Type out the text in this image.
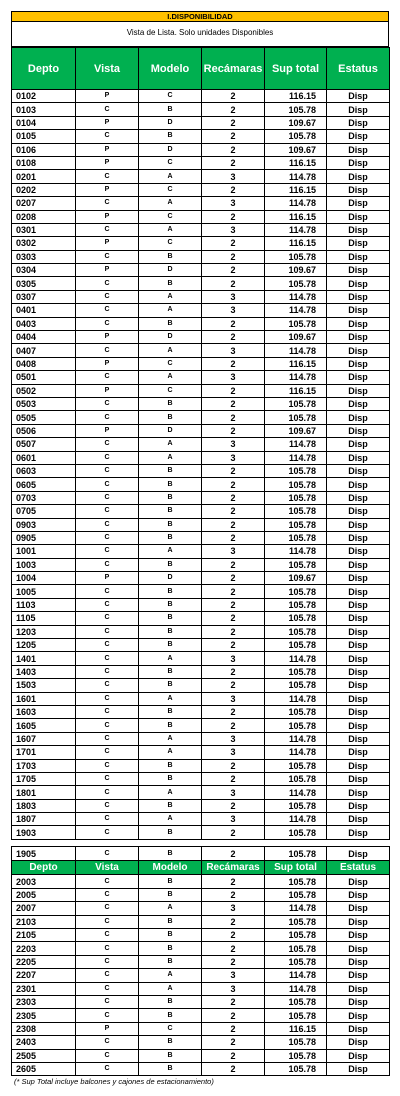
I.DISPONIBILIDAD
Vista de Lista. Solo unidades Disponibles
Depto	Vista	Modelo	Recámaras	Sup total	Estatus
0102	P	C	2	116.15	Disp
0103	C	B	2	105.78	Disp
0104	P	D	2	109.67	Disp
0105	C	B	2	105.78	Disp
0106	P	D	2	109.67	Disp
0108	P	C	2	116.15	Disp
0201	C	A	3	114.78	Disp
0202	P	C	2	116.15	Disp
0207	C	A	3	114.78	Disp
0208	P	C	2	116.15	Disp
0301	C	A	3	114.78	Disp
0302	P	C	2	116.15	Disp
0303	C	B	2	105.78	Disp
0304	P	D	2	109.67	Disp
0305	C	B	2	105.78	Disp
0307	C	A	3	114.78	Disp
0401	C	A	3	114.78	Disp
0403	C	B	2	105.78	Disp
0404	P	D	2	109.67	Disp
0407	C	A	3	114.78	Disp
0408	P	C	2	116.15	Disp
0501	C	A	3	114.78	Disp
0502	P	C	2	116.15	Disp
0503	C	B	2	105.78	Disp
0505	C	B	2	105.78	Disp
0506	P	D	2	109.67	Disp
0507	C	A	3	114.78	Disp
0601	C	A	3	114.78	Disp
0603	C	B	2	105.78	Disp
0605	C	B	2	105.78	Disp
0703	C	B	2	105.78	Disp
0705	C	B	2	105.78	Disp
0903	C	B	2	105.78	Disp
0905	C	B	2	105.78	Disp
1001	C	A	3	114.78	Disp
1003	C	B	2	105.78	Disp
1004	P	D	2	109.67	Disp
1005	C	B	2	105.78	Disp
1103	C	B	2	105.78	Disp
1105	C	B	2	105.78	Disp
1203	C	B	2	105.78	Disp
1205	C	B	2	105.78	Disp
1401	C	A	3	114.78	Disp
1403	C	B	2	105.78	Disp
1503	C	B	2	105.78	Disp
1601	C	A	3	114.78	Disp
1603	C	B	2	105.78	Disp
1605	C	B	2	105.78	Disp
1607	C	A	3	114.78	Disp
1701	C	A	3	114.78	Disp
1703	C	B	2	105.78	Disp
1705	C	B	2	105.78	Disp
1801	C	A	3	114.78	Disp
1803	C	B	2	105.78	Disp
1807	C	A	3	114.78	Disp
1903	C	B	2	105.78	Disp
1905	C	B	2	105.78	Disp
Depto	Vista	Modelo	Recámaras	Sup total	Estatus
2003	C	B	2	105.78	Disp
2005	C	B	2	105.78	Disp
2007	C	A	3	114.78	Disp
2103	C	B	2	105.78	Disp
2105	C	B	2	105.78	Disp
2203	C	B	2	105.78	Disp
2205	C	B	2	105.78	Disp
2207	C	A	3	114.78	Disp
2301	C	A	3	114.78	Disp
2303	C	B	2	105.78	Disp
2305	C	B	2	105.78	Disp
2308	P	C	2	116.15	Disp
2403	C	B	2	105.78	Disp
2505	C	B	2	105.78	Disp
2605	C	B	2	105.78	Disp
(* Sup Total incluye balcones y cajones de estacionamiento)
